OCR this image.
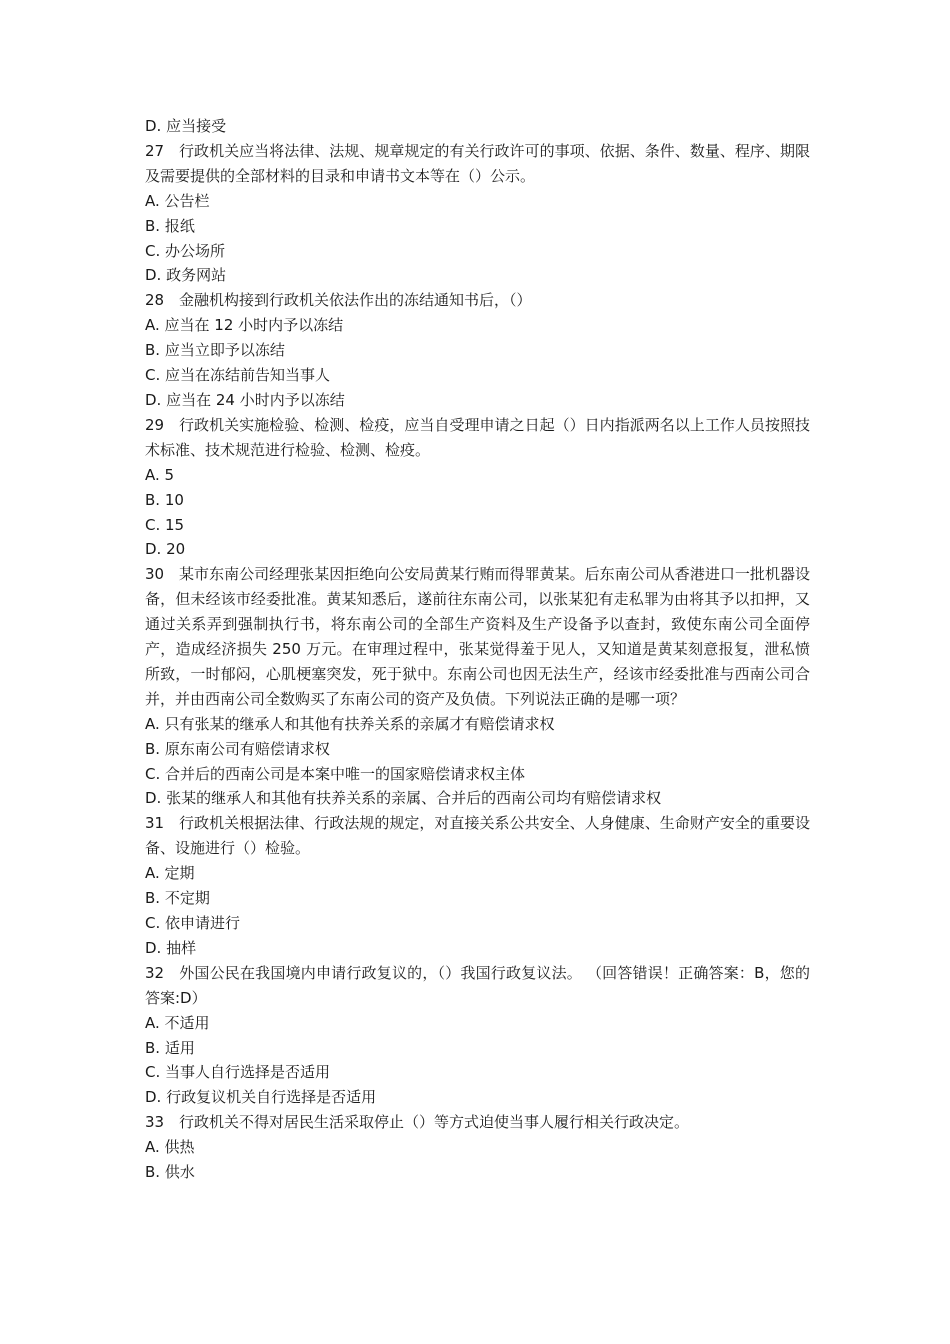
D. 应当接受
27 行政机关应当将法律、法规、规章规定的有关行政许可的事项、依据、条件、数量、程序、期限及需要提供的全部材料的目录和申请书文本等在（）公示。
A. 公告栏
B. 报纸
C. 办公场所
D. 政务网站
28 金融机构接到行政机关依法作出的冻结通知书后，（）
A. 应当在 12 小时内予以冻结
B. 应当立即予以冻结
C. 应当在冻结前告知当事人
D. 应当在 24 小时内予以冻结
29 行政机关实施检验、检测、检疫，应当自受理申请之日起（）日内指派两名以上工作人员按照技术标准、技术规范进行检验、检测、检疫。
A. 5
B. 10
C. 15
D. 20
30 某市东南公司经理张某因拒绝向公安局黄某行贿而得罪黄某。后东南公司从香港进口一批机器设备，但未经该市经委批准。黄某知悉后，遂前往东南公司，以张某犯有走私罪为由将其予以扣押，又通过关系弄到强制执行书，将东南公司的全部生产资料及生产设备予以查封，致使东南公司全面停产，造成经济损失 250 万元。在审理过程中，张某觉得羞于见人，又知道是黄某刻意报复，泄私愤所致，一时郁闷，心肌梗塞突发，死于狱中。东南公司也因无法生产，经该市经委批准与西南公司合并，并由西南公司全数购买了东南公司的资产及负债。下列说法正确的是哪一项？
A. 只有张某的继承人和其他有扶养关系的亲属才有赔偿请求权
B. 原东南公司有赔偿请求权
C. 合并后的西南公司是本案中唯一的国家赔偿请求权主体
D. 张某的继承人和其他有扶养关系的亲属、合并后的西南公司均有赔偿请求权
31 行政机关根据法律、行政法规的规定，对直接关系公共安全、人身健康、生命财产安全的重要设备、设施进行（）检验。
A. 定期
B. 不定期
C. 依申请进行
D. 抽样
32 外国公民在我国境内申请行政复议的，（）我国行政复议法。 （回答错误！正确答案：B，您的答案:D）
A. 不适用
B. 适用
C. 当事人自行选择是否适用
D. 行政复议机关自行选择是否适用
33 行政机关不得对居民生活采取停止（）等方式迫使当事人履行相关行政决定。
A. 供热
B. 供水
